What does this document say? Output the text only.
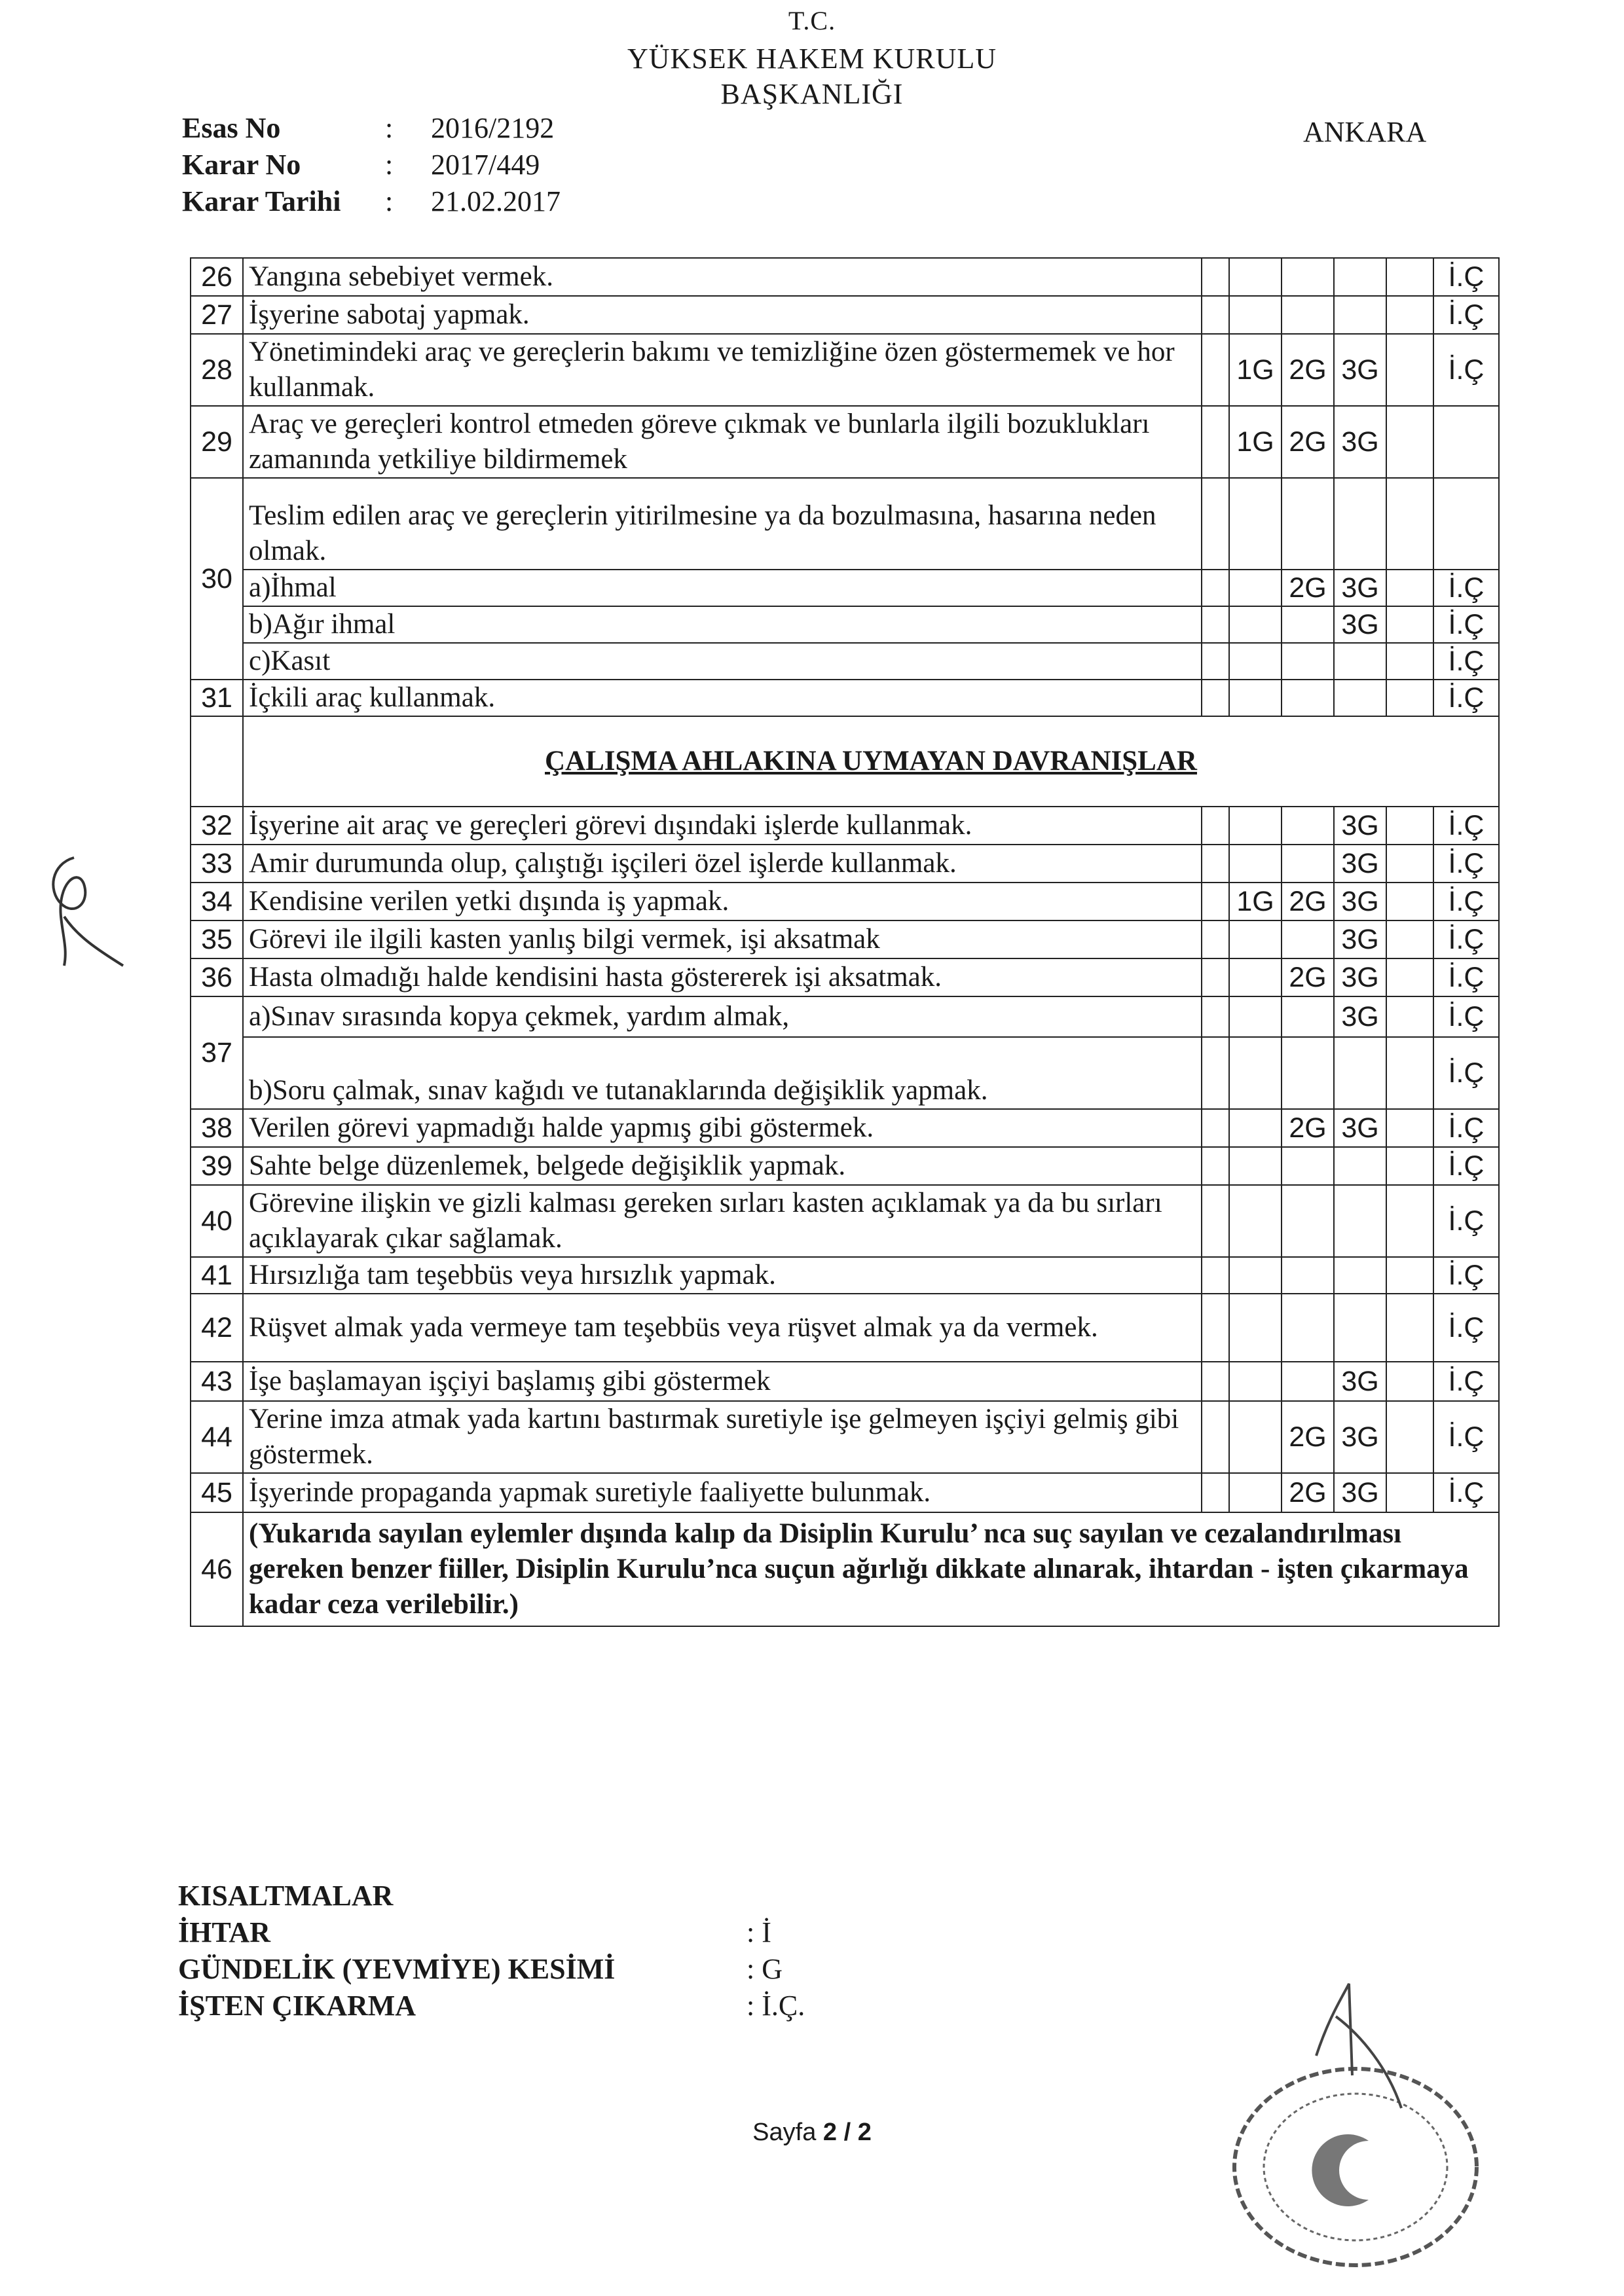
T.C.
YÜKSEK HAKEM KURULU
BAŞKANLIĞI
ANKARA
Esas No	: 2016/2192
Karar No	: 2017/449
Karar Tarihi : 21.02.2017
26	Yangına sebebiyet vermek.						İ.Ç
27	İşyerine sabotaj yapmak.						İ.Ç
28	Yönetimindeki araç ve gereçlerin bakımı ve temizliğine özen göstermemek ve hor kullanmak.		1G	2G	3G		İ.Ç
29	Araç ve gereçleri kontrol etmeden göreve çıkmak ve bunlarla ilgili bozuklukları zamanında yetkiliye bildirmemek		1G	2G	3G		
30	Teslim edilen araç ve gereçlerin yitirilmesine ya da bozulmasına, hasarına neden olmak.						
	a)İhmal			2G	3G		İ.Ç
	b)Ağır ihmal				3G		İ.Ç
	c)Kasıt						İ.Ç
31	İçkili araç kullanmak.						İ.Ç
	ÇALIŞMA AHLAKINA UYMAYAN DAVRANIŞLAR						
32	İşyerine ait araç ve gereçleri görevi dışındaki işlerde kullanmak.				3G		İ.Ç
33	Amir durumunda olup, çalıştığı işçileri özel işlerde kullanmak.				3G		İ.Ç
34	Kendisine verilen yetki dışında iş yapmak.		1G	2G	3G		İ.Ç
35	Görevi ile ilgili kasten yanlış bilgi vermek, işi aksatmak				3G		İ.Ç
36	Hasta olmadığı halde kendisini hasta göstererek işi aksatmak.			2G	3G		İ.Ç
37	a)Sınav sırasında kopya çekmek, yardım almak,				3G		İ.Ç
	b)Soru çalmak, sınav kağıdı ve tutanaklarında değişiklik yapmak.						İ.Ç
38	Verilen görevi yapmadığı halde yapmış gibi göstermek.			2G	3G		İ.Ç
39	Sahte belge düzenlemek, belgede değişiklik yapmak.						İ.Ç
40	Görevine ilişkin ve gizli kalması gereken sırları kasten açıklamak ya da bu sırları açıklayarak çıkar sağlamak.						İ.Ç
41	Hırsızlığa tam teşebbüs veya hırsızlık yapmak.						İ.Ç
42	Rüşvet almak yada vermeye tam teşebbüs veya rüşvet almak ya da vermek.						İ.Ç
43	İşe başlamayan işçiyi başlamış gibi göstermek				3G		İ.Ç
44	Yerine imza atmak yada kartını bastırmak suretiyle işe gelmeyen işçiyi gelmiş gibi göstermek.			2G	3G		İ.Ç
45	İşyerinde propaganda yapmak suretiyle faaliyette bulunmak.			2G	3G		İ.Ç
46	(Yukarıda sayılan eylemler dışında kalıp da Disiplin Kurulu’ nca suç sayılan ve cezalandırılması gereken benzer fiiller, Disiplin Kurulu’nca suçun ağırlığı dikkate alınarak, ihtardan - işten çıkarmaya kadar ceza verilebilir.)						
KISALTMALAR
İHTAR	: İ
GÜNDELİK (YEVMİYE) KESİMİ	: G
İŞTEN ÇIKARMA	: İ.Ç.
Sayfa 2 / 2
